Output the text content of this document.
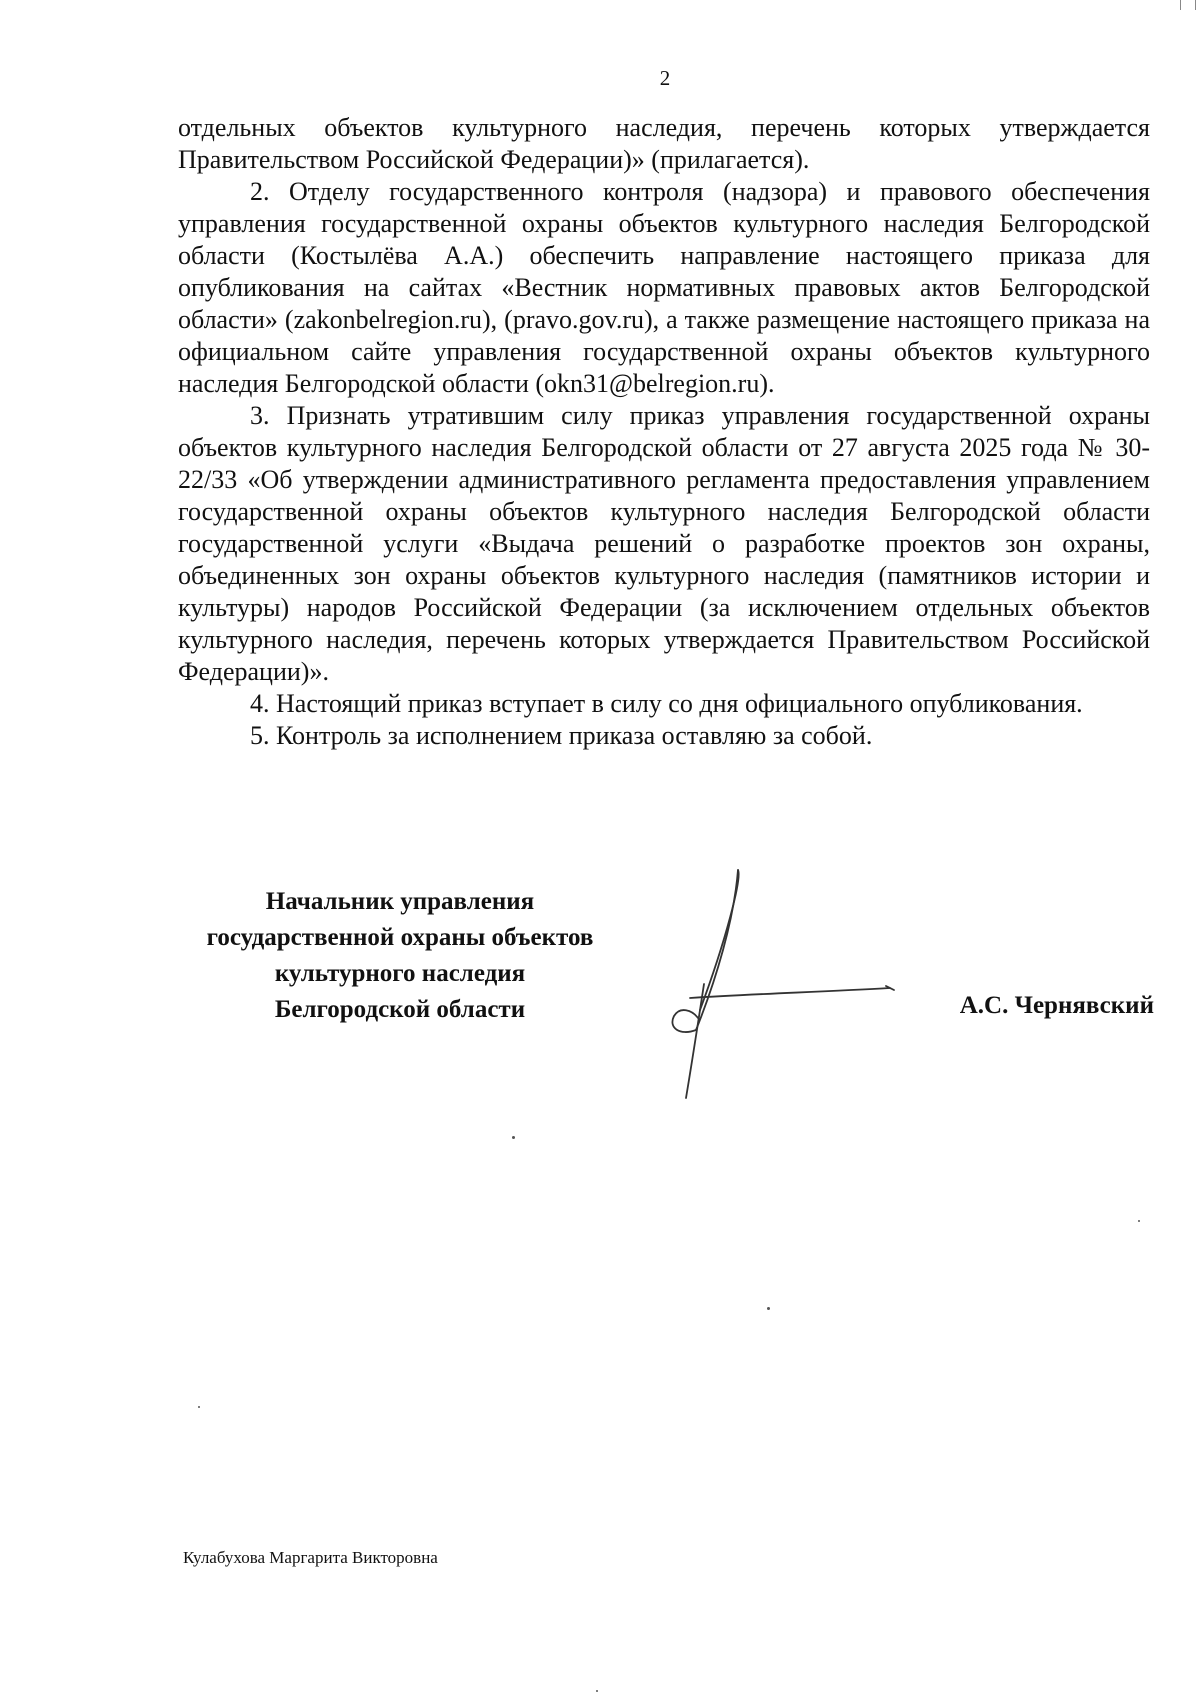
2

отдельных объектов культурного наследия, перечень которых утверждается Правительством Российской Федерации)» (прилагается).

2. Отделу государственного контроля (надзора) и правового обеспечения управления государственной охраны объектов культурного наследия Белгородской области (Костылёва А.А.) обеспечить направление настоящего приказа для опубликования на сайтах «Вестник нормативных правовых актов Белгородской области» (zakonbelregion.ru), (pravo.gov.ru), а также размещение настоящего приказа на официальном сайте управления государственной охраны объектов культурного наследия Белгородской области (okn31@belregion.ru).

3. Признать утратившим силу приказ управления государственной охраны объектов культурного наследия Белгородской области от 27 августа 2025 года № 30-22/33 «Об утверждении административного регламента предоставления управлением государственной охраны объектов культурного наследия Белгородской области государственной услуги «Выдача решений о разработке проектов зон охраны, объединенных зон охраны объектов культурного наследия (памятников истории и культуры) народов Российской Федерации (за исключением отдельных объектов культурного наследия, перечень которых утверждается Правительством Российской Федерации)».

4. Настоящий приказ вступает в силу со дня официального опубликования.

5. Контроль за исполнением приказа оставляю за собой.

Начальник управления
государственной охраны объектов
культурного наследия
Белгородской области	А.С. Чернявский
Кулабухова Маргарита Викторовна
